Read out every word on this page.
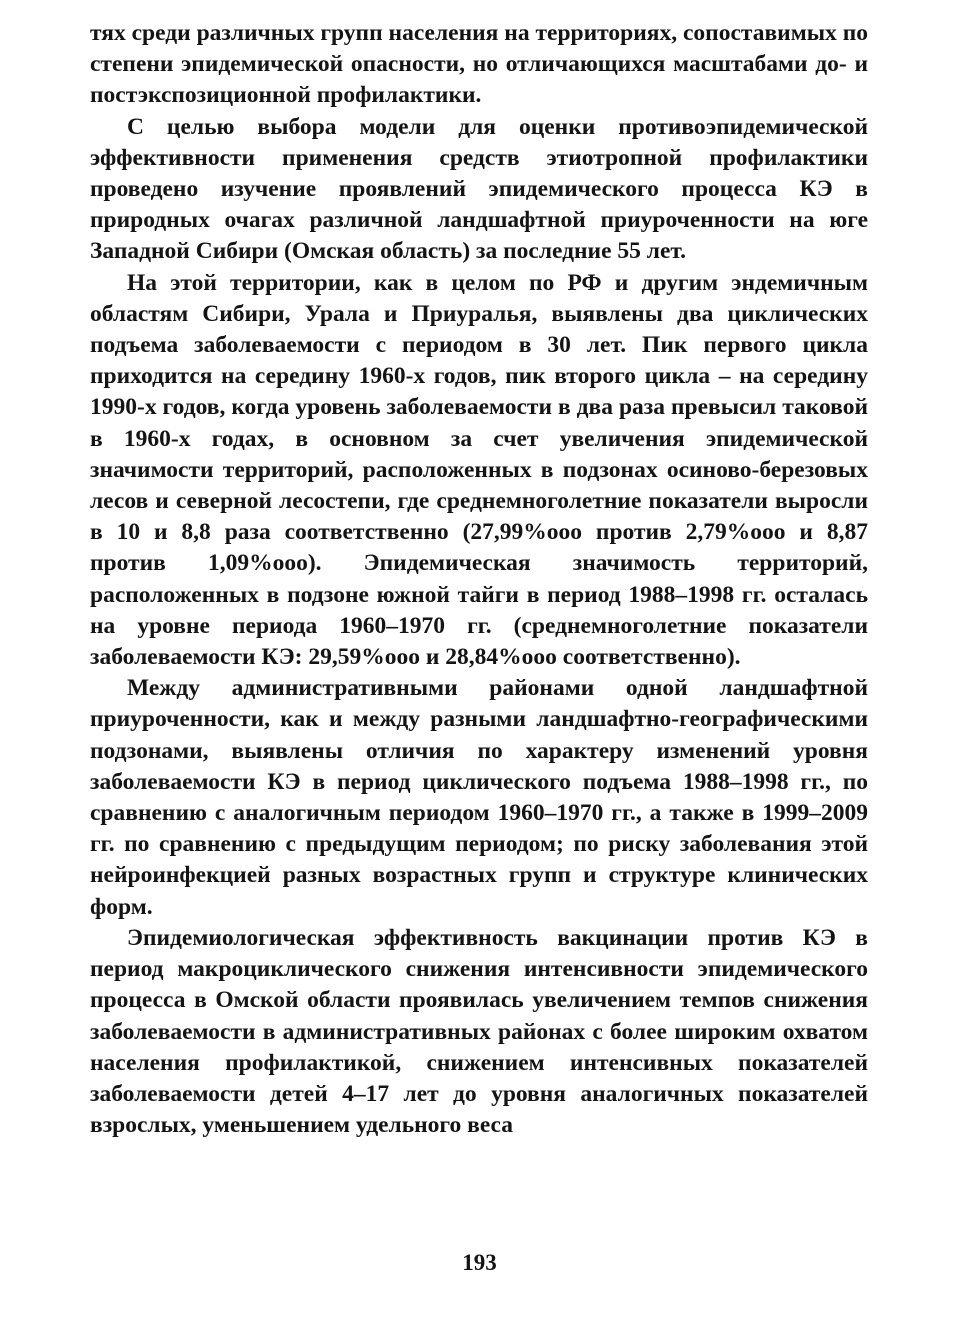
тях среди различных групп населения на территориях, сопоставимых по степени эпидемической опасности, но отличающихся масштабами до- и постэкспозиционной профилактики.

С целью выбора модели для оценки противоэпидемической эффективности применения средств этиотропной профилактики проведено изучение проявлений эпидемического процесса КЭ в природных очагах различной ландшафтной приуроченности на юге Западной Сибири (Омская область) за последние 55 лет.

На этой территории, как в целом по РФ и другим эндемичным областям Сибири, Урала и Приуралья, выявлены два циклических подъема заболеваемости с периодом в 30 лет. Пик первого цикла приходится на середину 1960-х годов, пик второго цикла – на середину 1990-х годов, когда уровень заболеваемости в два раза превысил таковой в 1960-х годах, в основном за счет увеличения эпидемической значимости территорий, расположенных в подзонах осиново-березовых лесов и северной лесостепи, где среднемноголетние показатели выросли в 10 и 8,8 раза соответственно (27,99%ооо против 2,79%ооо и 8,87 против 1,09%ооо). Эпидемическая значимость территорий, расположенных в подзоне южной тайги в период 1988–1998 гг. осталась на уровне периода 1960–1970 гг. (среднемноголетние показатели заболеваемости КЭ: 29,59%ооо и 28,84%ооо соответственно).

Между административными районами одной ландшафтной приуроченности, как и между разными ландшафтно-географическими подзонами, выявлены отличия по характеру изменений уровня заболеваемости КЭ в период циклического подъема 1988–1998 гг., по сравнению с аналогичным периодом 1960–1970 гг., а также в 1999–2009 гг. по сравнению с предыдущим периодом; по риску заболевания этой нейроинфекцией разных возрастных групп и структуре клинических форм.

Эпидемиологическая эффективность вакцинации против КЭ в период макроциклического снижения интенсивности эпидемического процесса в Омской области проявилась увеличением темпов снижения заболеваемости в административных районах с более широким охватом населения профилактикой, снижением интенсивных показателей заболеваемости детей 4–17 лет до уровня аналогичных показателей взрослых, уменьшением удельного веса

193
